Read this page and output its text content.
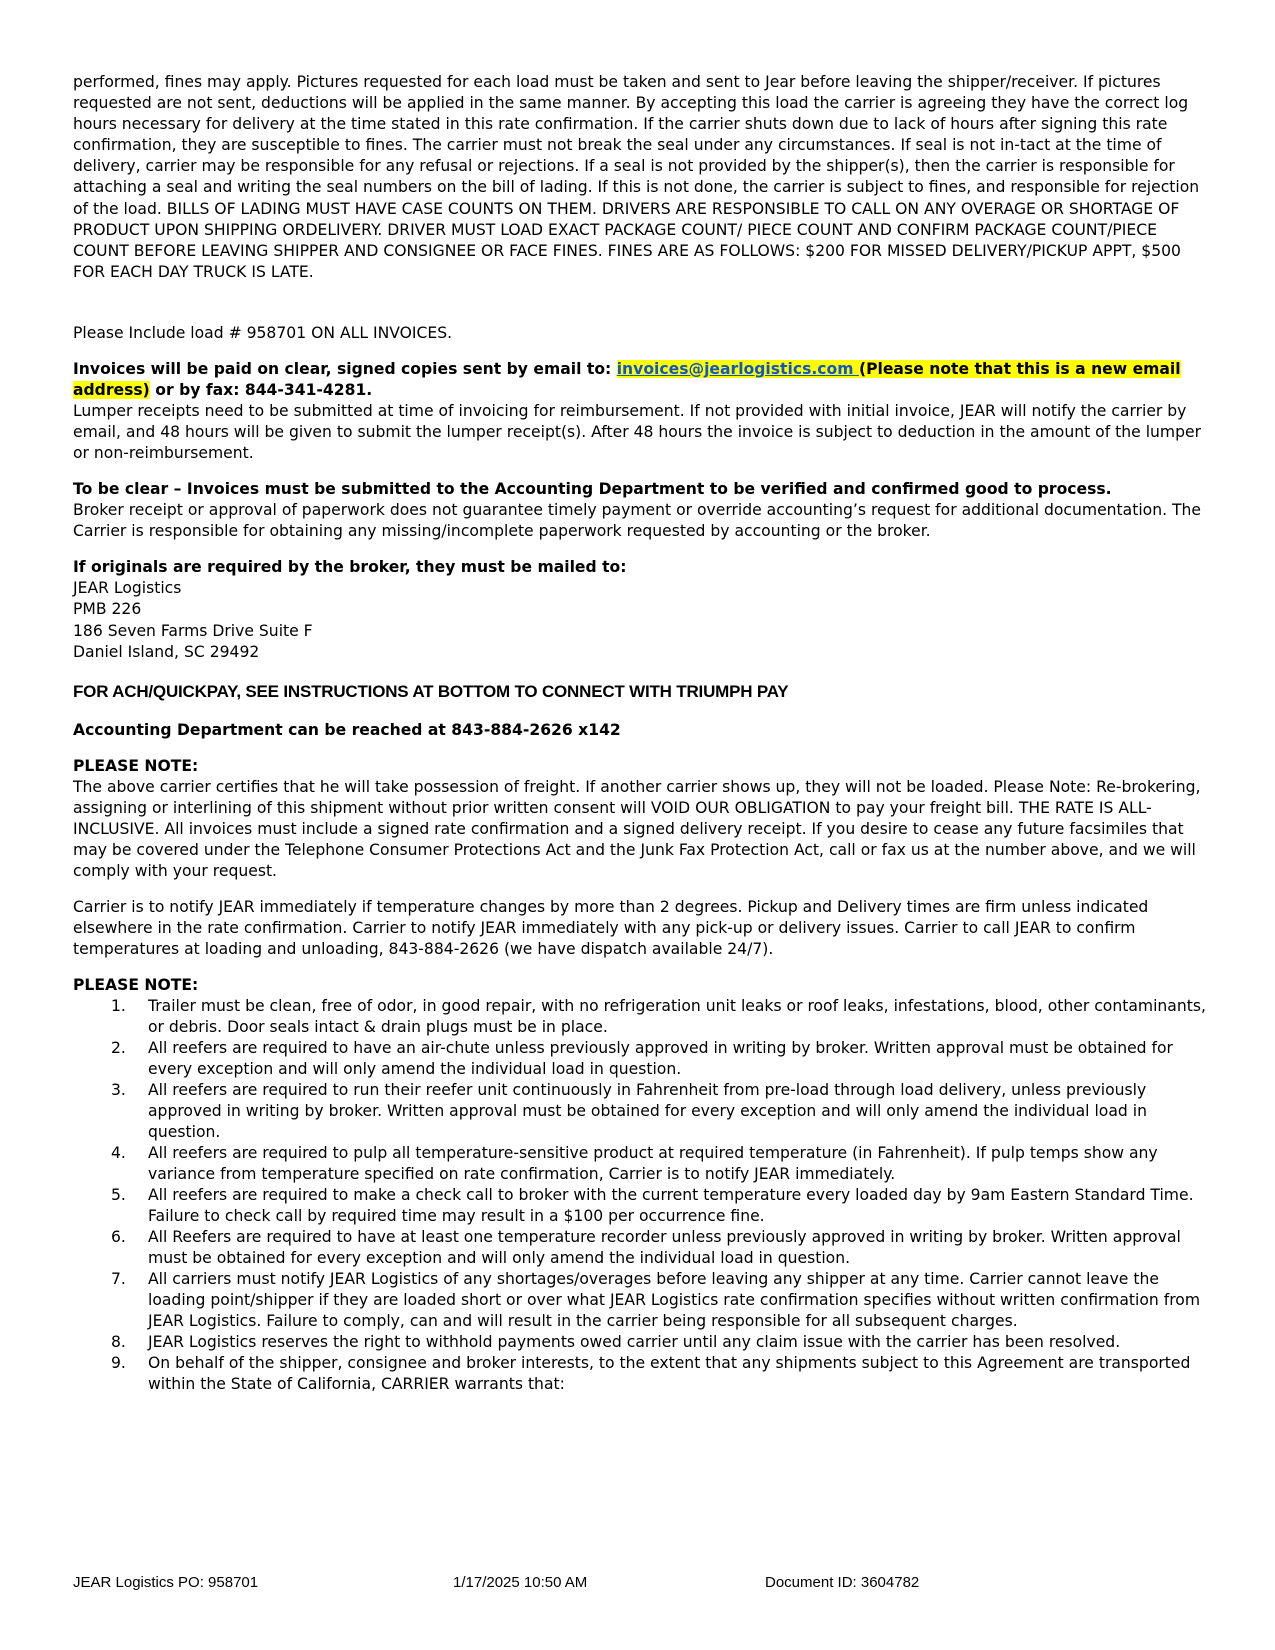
performed, fines may apply. Pictures requested for each load must be taken and sent to Jear before leaving the shipper/receiver. If pictures requested are not sent, deductions will be applied in the same manner. By accepting this load the carrier is agreeing they have the correct log hours necessary for delivery at the time stated in this rate confirmation. If the carrier shuts down due to lack of hours after signing this rate confirmation, they are susceptible to fines. The carrier must not break the seal under any circumstances. If seal is not in-tact at the time of delivery, carrier may be responsible for any refusal or rejections. If a seal is not provided by the shipper(s), then the carrier is responsible for attaching a seal and writing the seal numbers on the bill of lading. If this is not done, the carrier is subject to fines, and responsible for rejection of the load. BILLS OF LADING MUST HAVE CASE COUNTS ON THEM. DRIVERS ARE RESPONSIBLE TO CALL ON ANY OVERAGE OR SHORTAGE OF PRODUCT UPON SHIPPING ORDELIVERY. DRIVER MUST LOAD EXACT PACKAGE COUNT/ PIECE COUNT AND CONFIRM PACKAGE COUNT/PIECE COUNT BEFORE LEAVING SHIPPER AND CONSIGNEE OR FACE FINES. FINES ARE AS FOLLOWS: $200 FOR MISSED DELIVERY/PICKUP APPT, $500 FOR EACH DAY TRUCK IS LATE.

Please Include load # 958701 ON ALL INVOICES.

Invoices will be paid on clear, signed copies sent by email to: invoices@jearlogistics.com (Please note that this is a new email address) or by fax: 844-341-4281.

Lumper receipts need to be submitted at time of invoicing for reimbursement. If not provided with initial invoice, JEAR will notify the carrier by email, and 48 hours will be given to submit the lumper receipt(s). After 48 hours the invoice is subject to deduction in the amount of the lumper or non-reimbursement.

To be clear – Invoices must be submitted to the Accounting Department to be verified and confirmed good to process.

Broker receipt or approval of paperwork does not guarantee timely payment or override accounting’s request for additional documentation. The Carrier is responsible for obtaining any missing/incomplete paperwork requested by accounting or the broker.

If originals are required by the broker, they must be mailed to:

JEAR Logistics

PMB 226

186 Seven Farms Drive Suite F

Daniel Island, SC 29492

FOR ACH/QUICKPAY, SEE INSTRUCTIONS AT BOTTOM TO CONNECT WITH TRIUMPH PAY

Accounting Department can be reached at 843-884-2626 x142

PLEASE NOTE:

The above carrier certifies that he will take possession of freight. If another carrier shows up, they will not be loaded. Please Note: Re-brokering, assigning or interlining of this shipment without prior written consent will VOID OUR OBLIGATION to pay your freight bill. THE RATE IS ALL-INCLUSIVE. All invoices must include a signed rate confirmation and a signed delivery receipt. If you desire to cease any future facsimiles that may be covered under the Telephone Consumer Protections Act and the Junk Fax Protection Act, call or fax us at the number above, and we will comply with your request.

Carrier is to notify JEAR immediately if temperature changes by more than 2 degrees. Pickup and Delivery times are firm unless indicated elsewhere in the rate confirmation. Carrier to notify JEAR immediately with any pick-up or delivery issues. Carrier to call JEAR to confirm temperatures at loading and unloading, 843-884-2626 (we have dispatch available 24/7).

PLEASE NOTE:

1.	Trailer must be clean, free of odor, in good repair, with no refrigeration unit leaks or roof leaks, infestations, blood, other contaminants, or debris. Door seals intact & drain plugs must be in place.
2.	All reefers are required to have an air-chute unless previously approved in writing by broker. Written approval must be obtained for every exception and will only amend the individual load in question.
3.	All reefers are required to run their reefer unit continuously in Fahrenheit from pre-load through load delivery, unless previously approved in writing by broker. Written approval must be obtained for every exception and will only amend the individual load in question.
4.	All reefers are required to pulp all temperature-sensitive product at required temperature (in Fahrenheit). If pulp temps show any variance from temperature specified on rate confirmation, Carrier is to notify JEAR immediately.
5.	All reefers are required to make a check call to broker with the current temperature every loaded day by 9am Eastern Standard Time. Failure to check call by required time may result in a $100 per occurrence fine.
6.	All Reefers are required to have at least one temperature recorder unless previously approved in writing by broker. Written approval must be obtained for every exception and will only amend the individual load in question.
7.	All carriers must notify JEAR Logistics of any shortages/overages before leaving any shipper at any time. Carrier cannot leave the loading point/shipper if they are loaded short or over what JEAR Logistics rate confirmation specifies without written confirmation from JEAR Logistics. Failure to comply, can and will result in the carrier being responsible for all subsequent charges.
8.	JEAR Logistics reserves the right to withhold payments owed carrier until any claim issue with the carrier has been resolved.
9.	On behalf of the shipper, consignee and broker interests, to the extent that any shipments subject to this Agreement are transported within the State of California, CARRIER warrants that:
JEAR Logistics PO: 958701	1/17/2025 10:50 AM	Document ID: 3604782
